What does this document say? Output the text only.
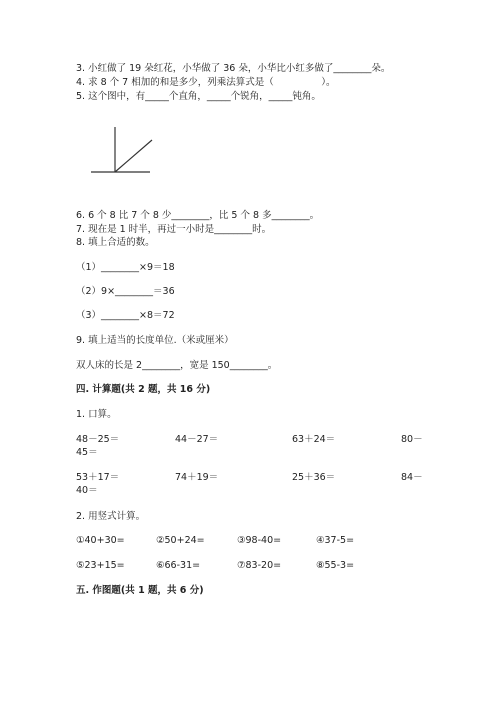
3. 小红做了 19 朵红花，小华做了 36 朵，小华比小红多做了________朵。
4. 求 8 个 7 相加的和是多少，列乘法算式是（　　　　　）。
5. 这个图中，有_____个直角，_____个锐角，_____钝角。
6. 6 个 8 比 7 个 8 少________，比 5 个 8 多________。
7. 现在是 1 时半，再过一小时是________时。
8. 填上合适的数。
（1）________×9＝18
（2）9×________＝36
（3）________×8＝72
9. 填上适当的长度单位.（米或厘米）
双人床的长是 2________，宽是 150________。
四. 计算题(共 2 题，共 16 分)
1. 口算。
48－25＝	44－27＝	63＋24＝	80－
45＝
53＋17＝	74＋19＝	25＋36＝	84－
40＝
2. 用竖式计算。
①40+30=	②50+24=	③98-40=	④37-5=
⑤23+15=	⑥66-31=	⑦83-20=	⑧55-3=
五. 作图题(共 1 题，共 6 分)
